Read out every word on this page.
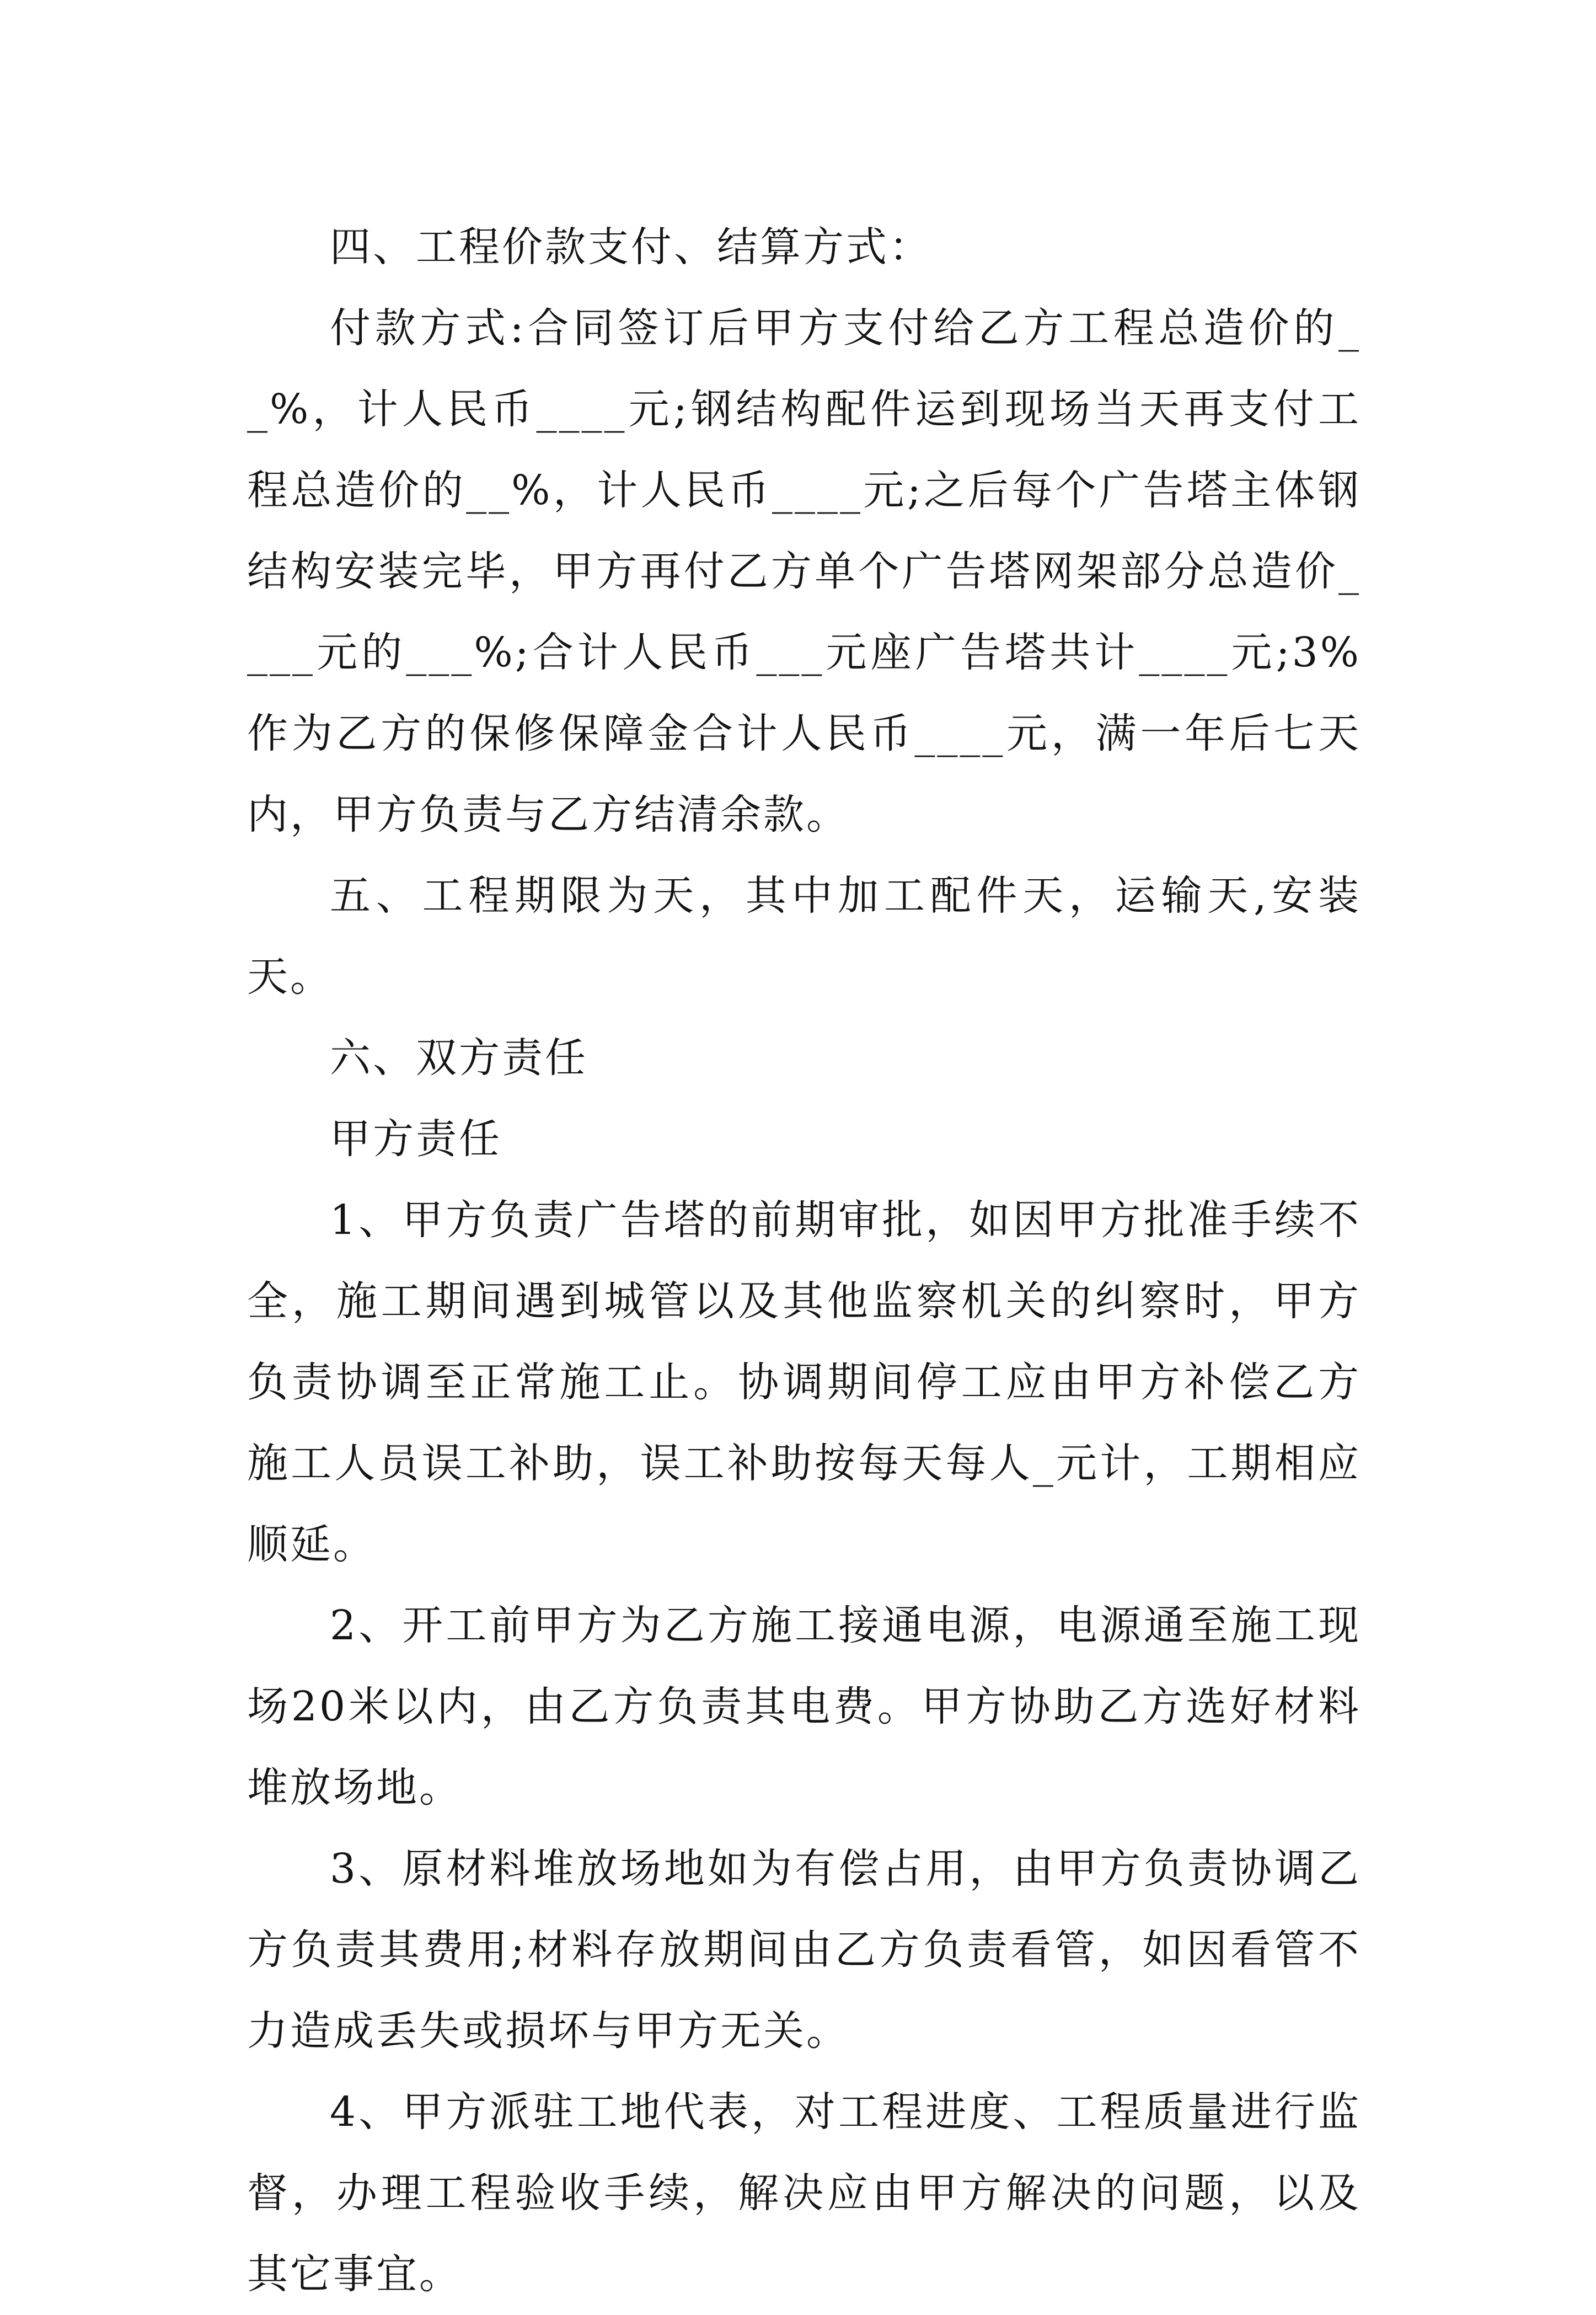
四、工程价款支付、结算方式：

付款方式:合同签订后甲方支付给乙方工程总造价的__%，计人民币____元;钢结构配件运到现场当天再支付工程总造价的__%，计人民币____元;之后每个广告塔主体钢结构安装完毕，甲方再付乙方单个广告塔网架部分总造价____元的___%;合计人民币___元座广告塔共计____元;3%作为乙方的保修保障金合计人民币____元，满一年后七天内，甲方负责与乙方结清余款。

五、工程期限为天，其中加工配件天，运输天,安装天。

六、双方责任

甲方责任

1、甲方负责广告塔的前期审批，如因甲方批准手续不全，施工期间遇到城管以及其他监察机关的纠察时，甲方负责协调至正常施工止。协调期间停工应由甲方补偿乙方施工人员误工补助，误工补助按每天每人_元计，工期相应顺延。

2、开工前甲方为乙方施工接通电源，电源通至施工现场20米以内，由乙方负责其电费。甲方协助乙方选好材料堆放场地。

3、原材料堆放场地如为有偿占用，由甲方负责协调乙方负责其费用;材料存放期间由乙方负责看管，如因看管不力造成丢失或损坏与甲方无关。

4、甲方派驻工地代表，对工程进度、工程质量进行监督，办理工程验收手续，解决应由甲方解决的问题，以及其它事宜。
